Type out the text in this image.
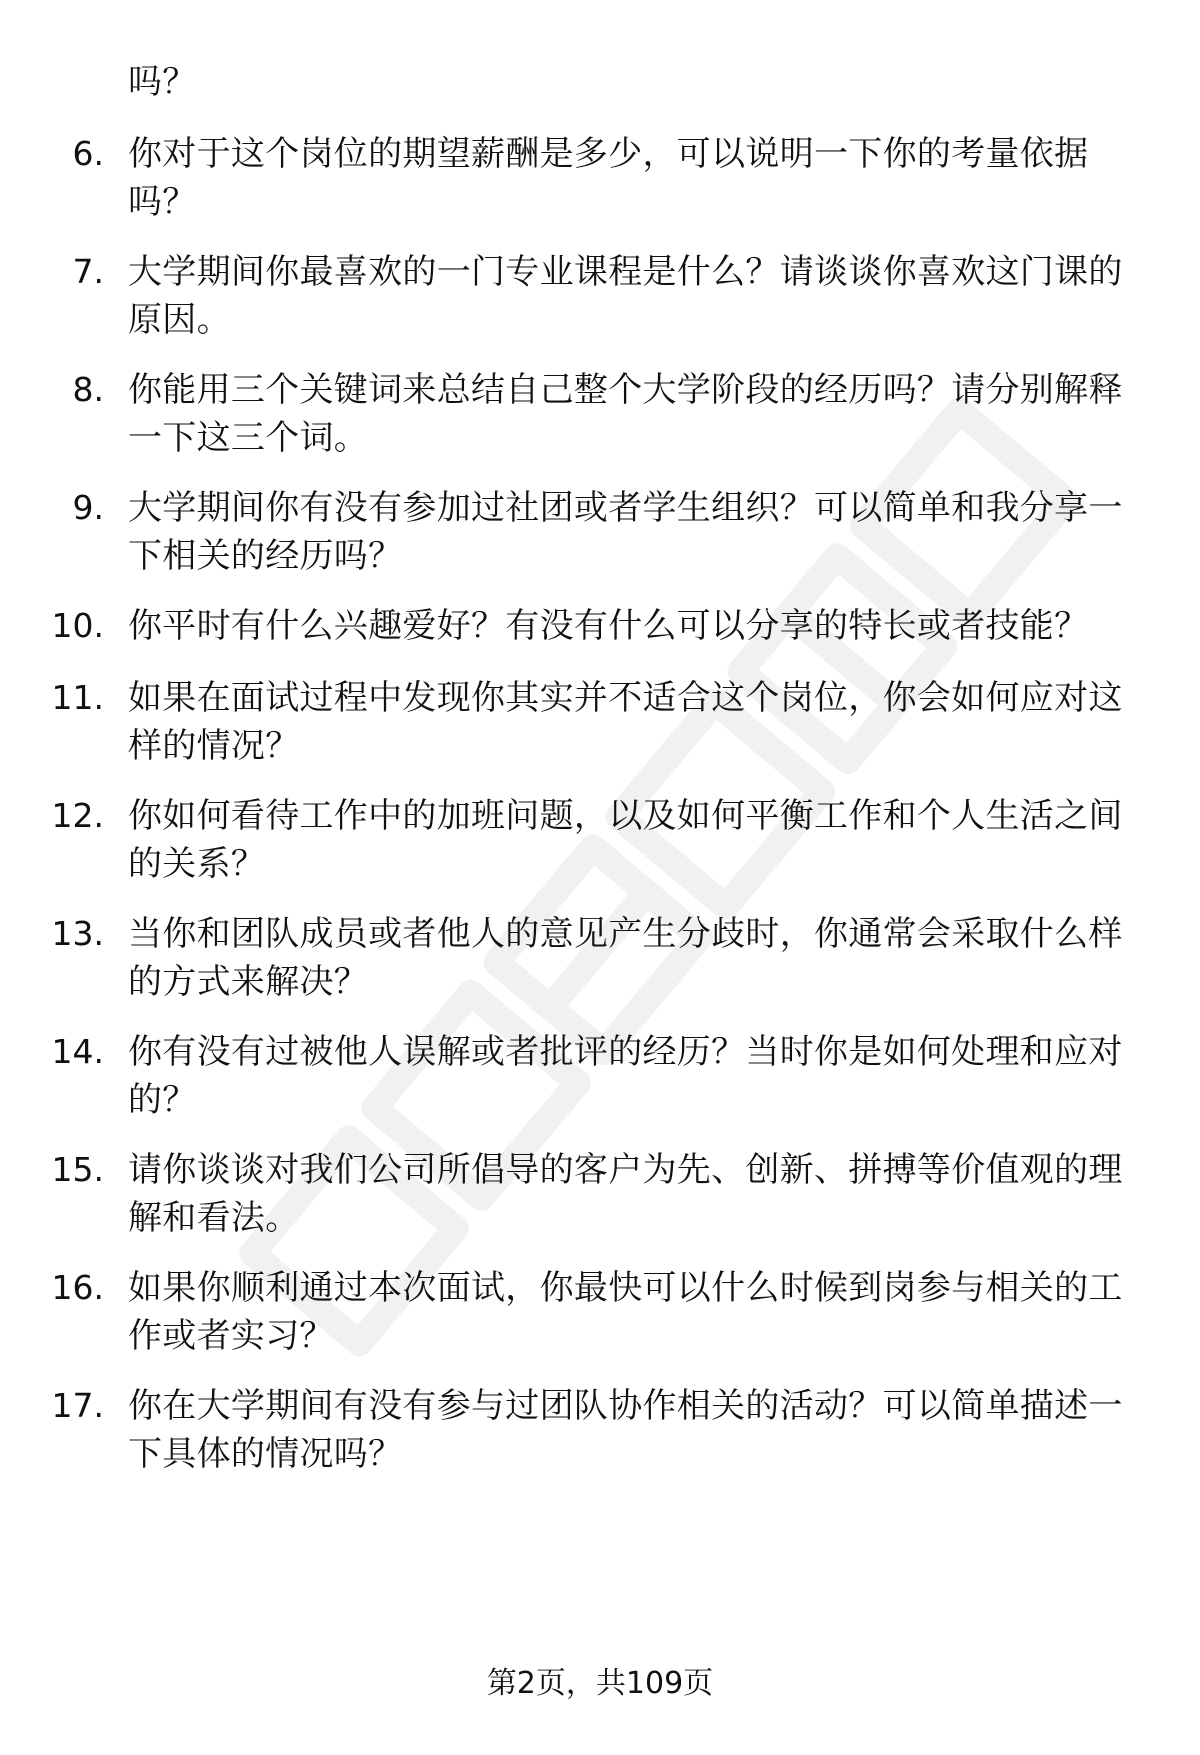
吗？
6. 你对于这个岗位的期望薪酬是多少，可以说明一下你的考量依据吗？
7. 大学期间你最喜欢的一门专业课程是什么？请谈谈你喜欢这门课的原因。
8. 你能用三个关键词来总结自己整个大学阶段的经历吗？请分别解释一下这三个词。
9. 大学期间你有没有参加过社团或者学生组织？可以简单和我分享一下相关的经历吗？
10. 你平时有什么兴趣爱好？有没有什么可以分享的特长或者技能？
11. 如果在面试过程中发现你其实并不适合这个岗位，你会如何应对这样的情况？
12. 你如何看待工作中的加班问题，以及如何平衡工作和个人生活之间的关系？
13. 当你和团队成员或者他人的意见产生分歧时，你通常会采取什么样的方式来解决？
14. 你有没有过被他人误解或者批评的经历？当时你是如何处理和应对的？
15. 请你谈谈对我们公司所倡导的客户为先、创新、拼搏等价值观的理解和看法。
16. 如果你顺利通过本次面试，你最快可以什么时候到岗参与相关的工作或者实习？
17. 你在大学期间有没有参与过团队协作相关的活动？可以简单描述一下具体的情况吗？
第2页，共109页
